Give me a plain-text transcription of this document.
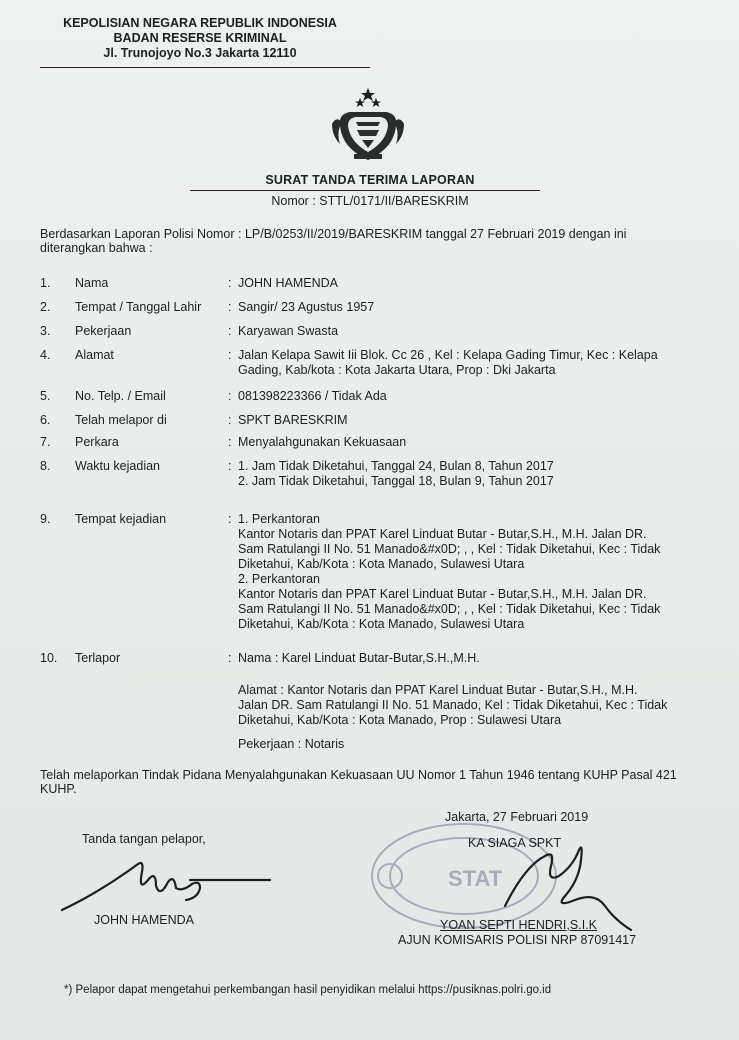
KEPOLISIAN NEGARA REPUBLIK INDONESIA
BADAN RESERSE KRIMINAL
Jl. Trunojoyo No.3 Jakarta 12110
SURAT TANDA TERIMA LAPORAN
Nomor : STTL/0171/II/BARESKRIM
Berdasarkan Laporan Polisi Nomor : LP/B/0253/II/2019/BARESKRIM tanggal 27 Februari 2019 dengan ini diterangkan bahwa :
1. Nama	: JOHN HAMENDA
2. Tempat / Tanggal Lahir : Sangir/ 23 Agustus 1957
3. Pekerjaan	: Karyawan Swasta
4. Alamat	: Jalan Kelapa Sawit Iii Blok. Cc 26 , Kel : Kelapa Gading Timur, Kec : Kelapa Gading, Kab/kota : Kota Jakarta Utara, Prop : Dki Jakarta
5. No. Telp. / Email	: 081398223366 / Tidak Ada
6. Telah melapor di	: SPKT BARESKRIM
7. Perkara	: Menyalahgunakan Kekuasaan
8. Waktu kejadian	: 1. Jam Tidak Diketahui, Tanggal 24, Bulan 8, Tahun 2017
2. Jam Tidak Diketahui, Tanggal 18, Bulan 9, Tahun 2017
9. Tempat kejadian	: 1. Perkantoran
Kantor Notaris dan PPAT Karel Linduat Butar - Butar,S.H., M.H. Jalan DR. Sam Ratulangi II No. 51 Manado&#x0D; , , Kel : Tidak Diketahui, Kec : Tidak Diketahui, Kab/Kota : Kota Manado, Sulawesi Utara
2. Perkantoran
Kantor Notaris dan PPAT Karel Linduat Butar - Butar,S.H., M.H. Jalan DR. Sam Ratulangi II No. 51 Manado&#x0D; , , Kel : Tidak Diketahui, Kec : Tidak Diketahui, Kab/Kota : Kota Manado, Sulawesi Utara
10. Terlapor	: Nama : Karel Linduat Butar-Butar,S.H.,M.H.
Alamat : Kantor Notaris dan PPAT Karel Linduat Butar - Butar,S.H., M.H. Jalan DR. Sam Ratulangi II No. 51 Manado, Kel : Tidak Diketahui, Kec : Tidak Diketahui, Kab/Kota : Kota Manado, Prop : Sulawesi Utara
Pekerjaan : Notaris
Telah melaporkan Tindak Pidana Menyalahgunakan Kekuasaan UU Nomor 1 Tahun 1946 tentang KUHP Pasal 421 KUHP.
Jakarta, 27 Februari 2019
Tanda tangan pelapor,
STAT
KA SIAGA SPKT
JOHN HAMENDA	YOAN SEPTI HENDRI,S.I.K
AJUN KOMISARIS POLISI NRP 87091417
*) Pelapor dapat mengetahui perkembangan hasil penyidikan melalui https://pusiknas.polri.go.id
